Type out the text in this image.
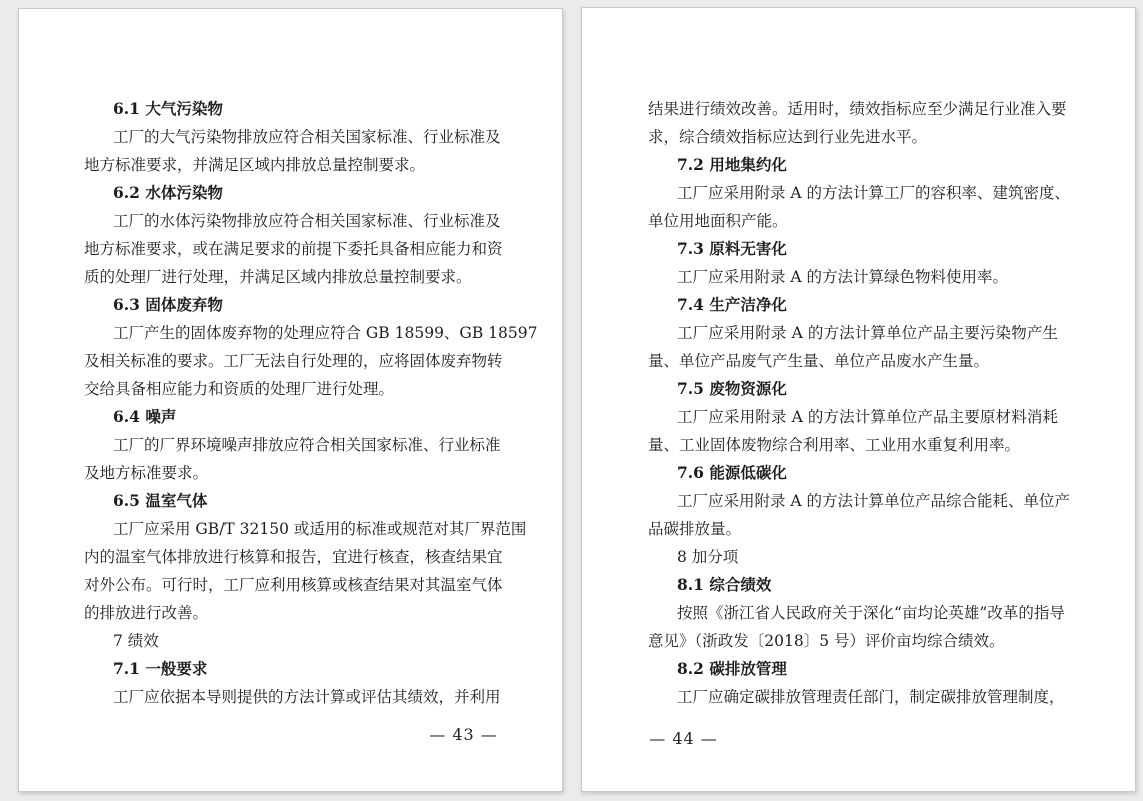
6.1 大气污染物
工厂的大气污染物排放应符合相关国家标准、行业标准及
地方标准要求，并满足区域内排放总量控制要求。
6.2 水体污染物
工厂的水体污染物排放应符合相关国家标准、行业标准及
地方标准要求，或在满足要求的前提下委托具备相应能力和资
质的处理厂进行处理，并满足区域内排放总量控制要求。
6.3 固体废弃物
工厂产生的固体废弃物的处理应符合 GB 18599、GB 18597
及相关标准的要求。工厂无法自行处理的，应将固体废弃物转
交给具备相应能力和资质的处理厂进行处理。
6.4 噪声
工厂的厂界环境噪声排放应符合相关国家标准、行业标准
及地方标准要求。
6.5 温室气体
工厂应采用 GB/T 32150 或适用的标准或规范对其厂界范围
内的温室气体排放进行核算和报告，宜进行核查，核查结果宜
对外公布。可行时，工厂应利用核算或核查结果对其温室气体
的排放进行改善。
7 绩效
7.1 一般要求
工厂应依据本导则提供的方法计算或评估其绩效，并利用
— 43 —
结果进行绩效改善。适用时，绩效指标应至少满足行业准入要
求，综合绩效指标应达到行业先进水平。
7.2 用地集约化
工厂应采用附录 A 的方法计算工厂的容积率、建筑密度、
单位用地面积产能。
7.3 原料无害化
工厂应采用附录 A 的方法计算绿色物料使用率。
7.4 生产洁净化
工厂应采用附录 A 的方法计算单位产品主要污染物产生
量、单位产品废气产生量、单位产品废水产生量。
7.5 废物资源化
工厂应采用附录 A 的方法计算单位产品主要原材料消耗
量、工业固体废物综合利用率、工业用水重复利用率。
7.6 能源低碳化
工厂应采用附录 A 的方法计算单位产品综合能耗、单位产
品碳排放量。
8 加分项
8.1 综合绩效
按照《浙江省人民政府关于深化“亩均论英雄”改革的指导
意见》（浙政发〔2018〕5 号）评价亩均综合绩效。
8.2 碳排放管理
工厂应确定碳排放管理责任部门，制定碳排放管理制度，
— 44 —
